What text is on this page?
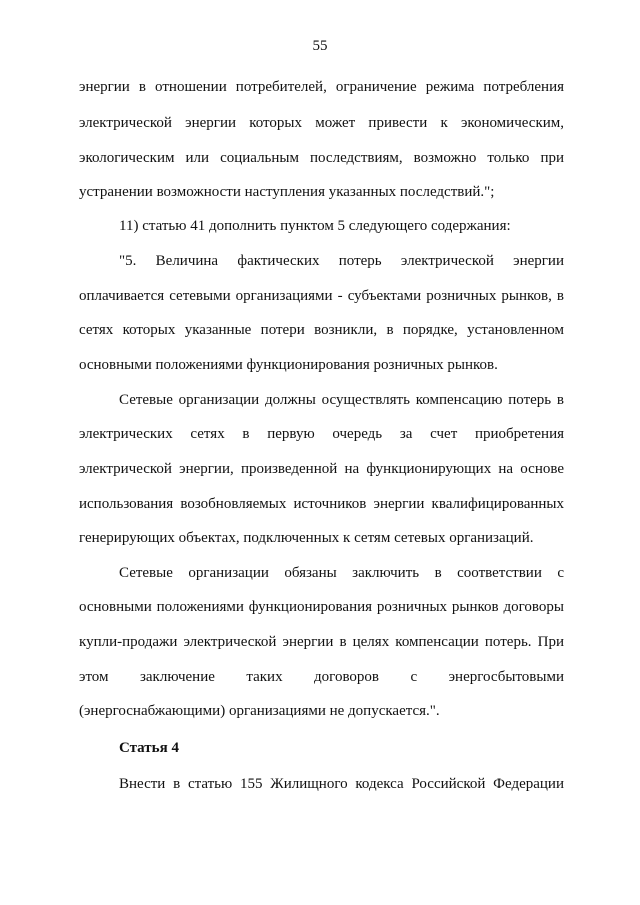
55
энергии в отношении потребителей, ограничение режима потребления
электрической энергии которых может привести к экономическим,
экологическим или социальным последствиям, возможно только при
устранении возможности наступления указанных последствий.";
11) статью 41 дополнить пунктом 5 следующего содержания:
"5. Величина фактических потерь электрической энергии
оплачивается сетевыми организациями - субъектами розничных рынков, в
сетях которых указанные потери возникли, в порядке, установленном
основными положениями функционирования розничных рынков.
Сетевые организации должны осуществлять компенсацию потерь в
электрических сетях в первую очередь за счет приобретения
электрической энергии, произведенной на функционирующих на основе
использования возобновляемых источников энергии квалифицированных
генерирующих объектах, подключенных к сетям сетевых организаций.
Сетевые организации обязаны заключить в соответствии с
основными положениями функционирования розничных рынков договоры
купли-продажи электрической энергии в целях компенсации потерь. При
этом заключение таких договоров с энергосбытовыми
(энергоснабжающими) организациями не допускается.".
Статья 4
Внести в статью 155 Жилищного кодекса Российской Федерации
